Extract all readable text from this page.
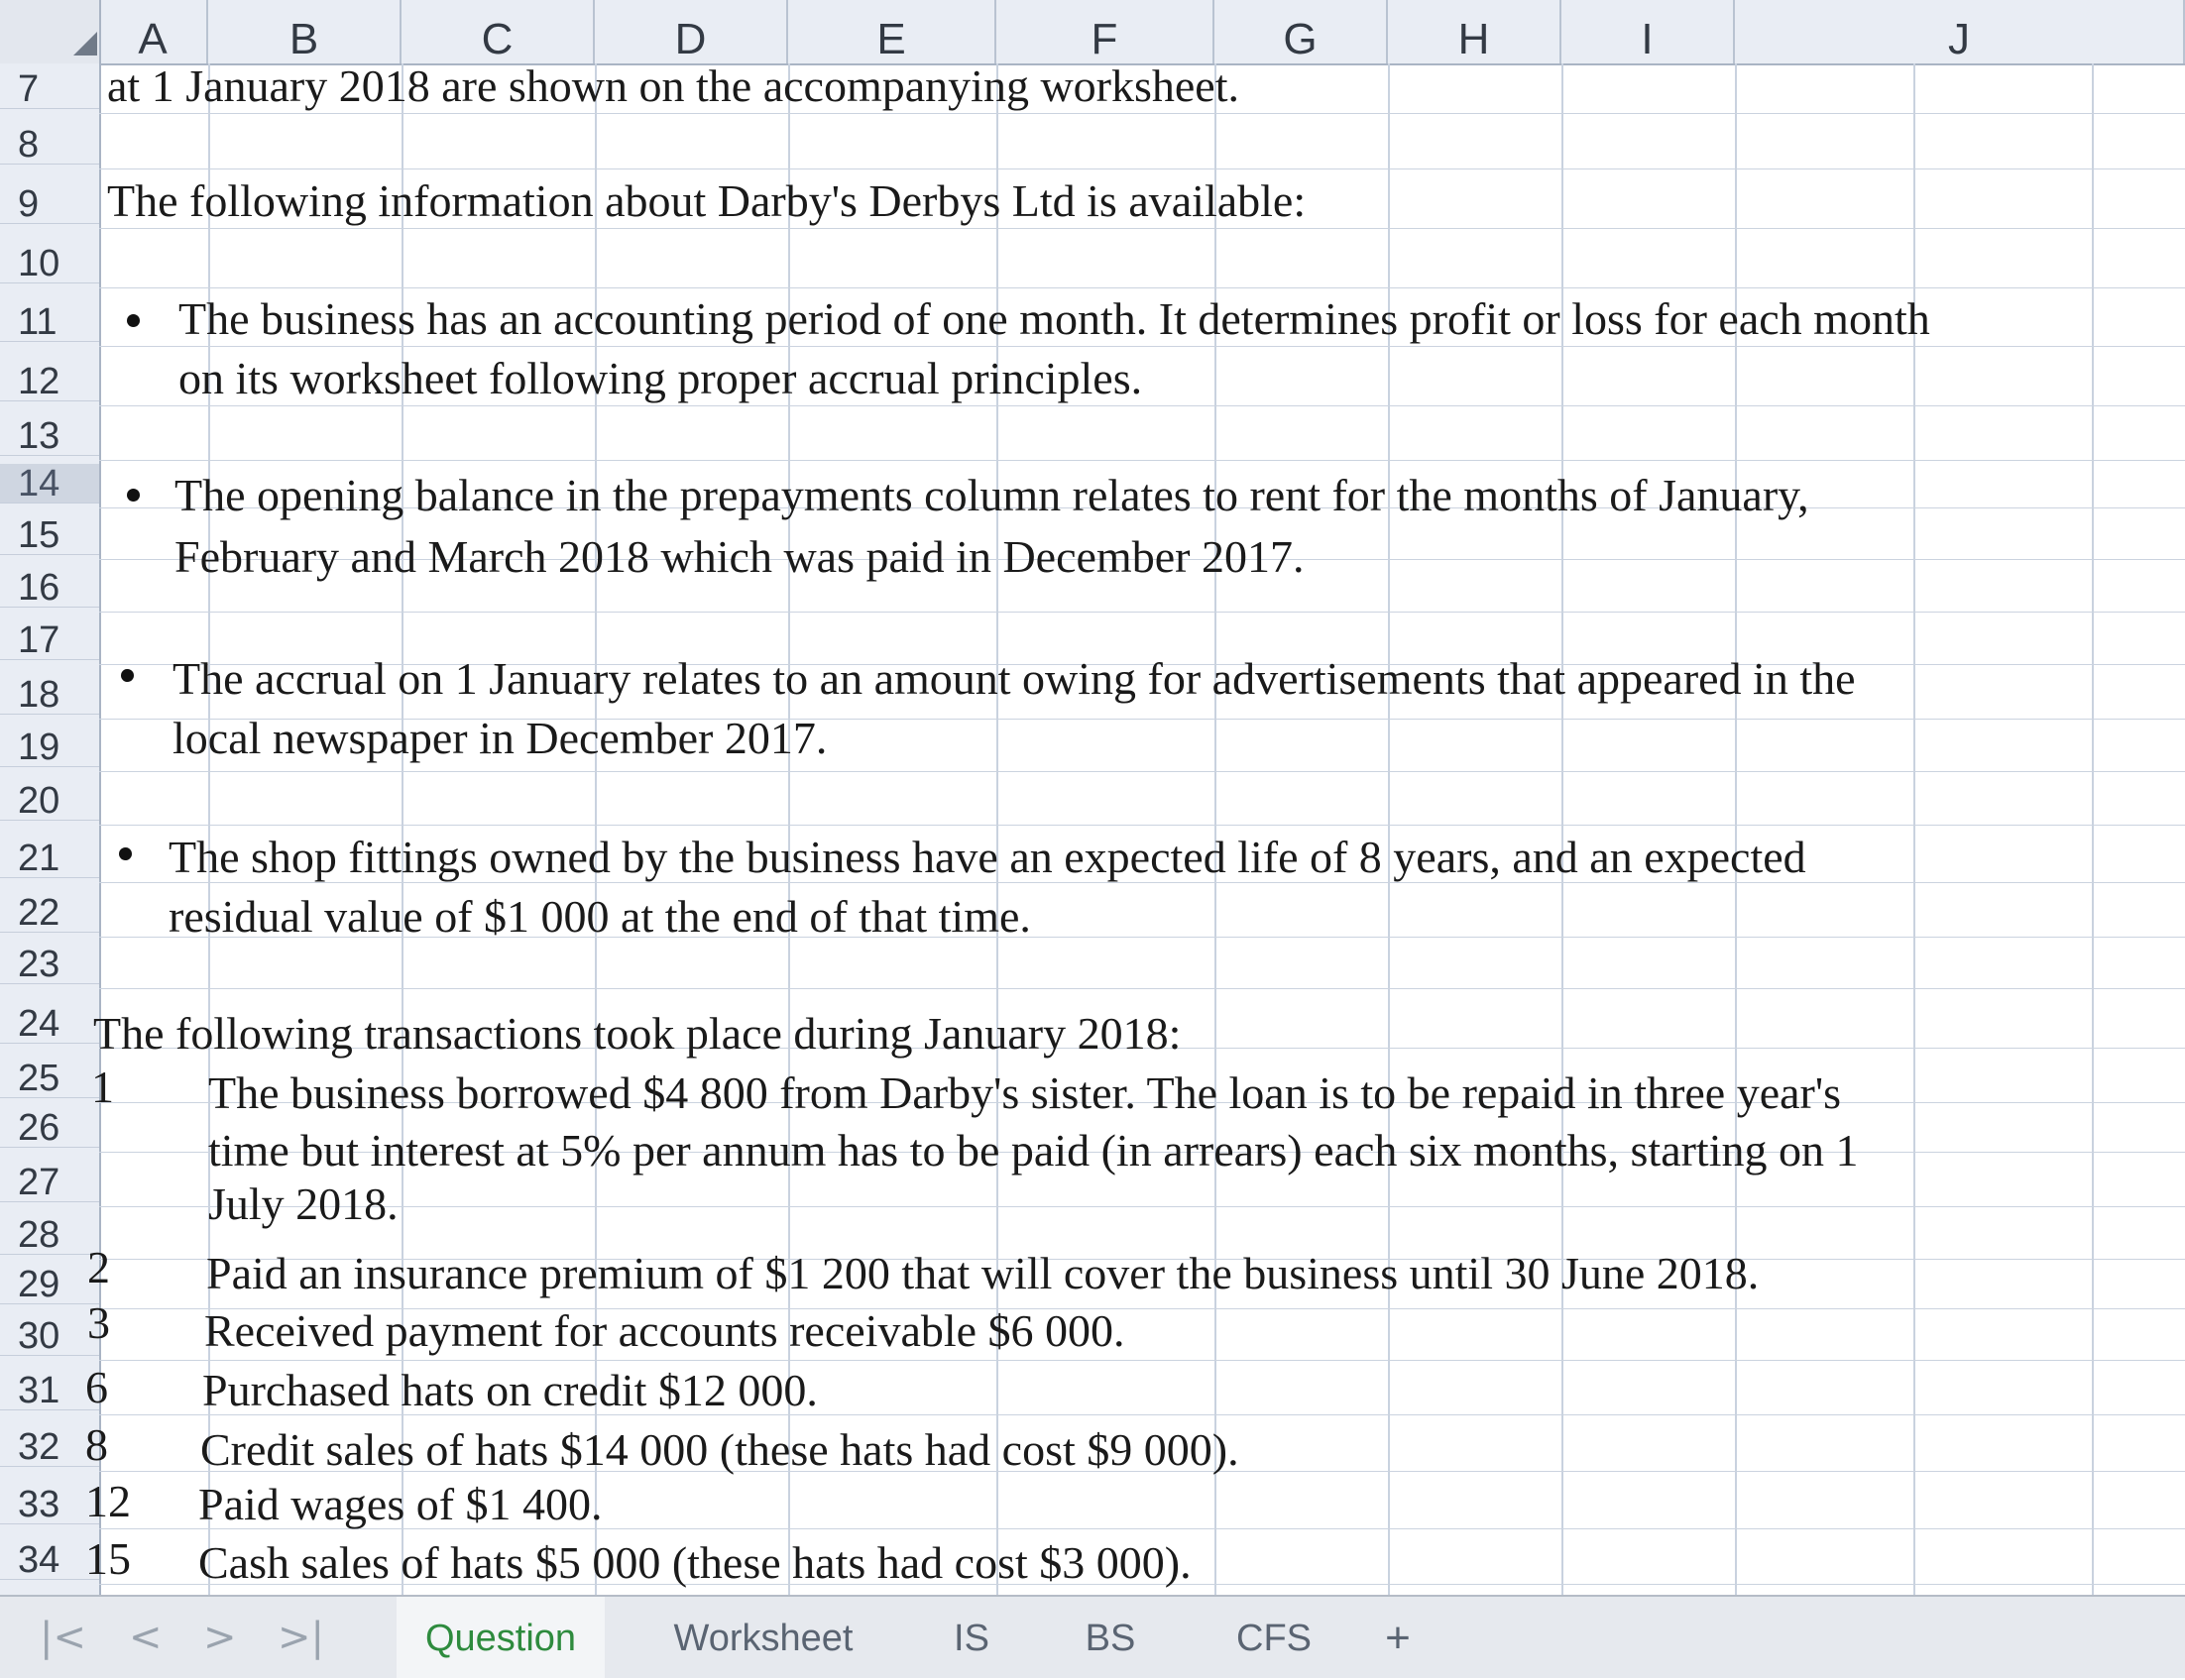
A	B	C	D	E	F	G	H	I	J
7
8
9
10
11
12
13
14
15
16
17
18
19
20
21
22
23
24
25
26
27
28
29
30
31
32
33
34
at 1 January 2018 are shown on the accompanying worksheet.
The following information about Darby's Derbys Ltd is available:
The business has an accounting period of one month. It determines profit or loss for each month
on its worksheet following proper accrual principles.
The opening balance in the prepayments column relates to rent for the months of January,
February and March 2018 which was paid in December 2017.
The accrual on 1 January relates to an amount owing for advertisements that appeared in the
local newspaper in December 2017.
The shop fittings owned by the business have an expected life of 8 years, and an expected
residual value of $1 000 at the end of that time.
The following transactions took place during January 2018:
1 The business borrowed $4 800 from Darby's sister. The loan is to be repaid in three year's
time but interest at 5% per annum has to be paid (in arrears) each six months, starting on 1
July 2018.
2 Paid an insurance premium of $1 200 that will cover the business until 30 June 2018.
3 Received payment for accounts receivable $6 000.
6 Purchased hats on credit $12 000.
8 Credit sales of hats $14 000 (these hats had cost $9 000).
12 Paid wages of $1 400.
15 Cash sales of hats $5 000 (these hats had cost $3 000).
|< < > >|	Question	Worksheet	IS	BS	CFS	+
